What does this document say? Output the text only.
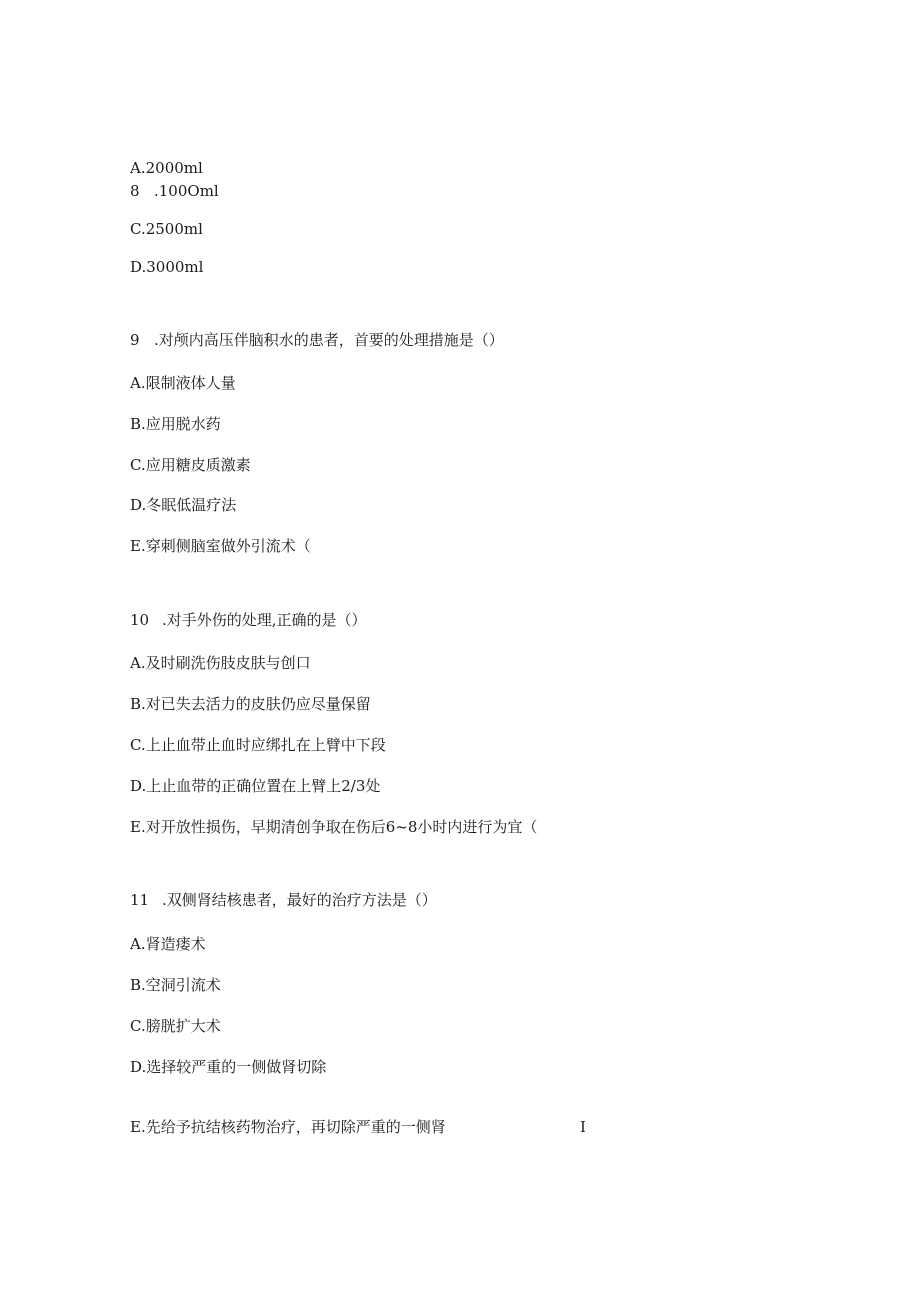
A.2000ml
8 .100Oml
C.2500ml
D.3000ml
9 .对颅内高压伴脑积水的患者，首要的处理措施是（）
A.限制液体人量
B.应用脱水药
C.应用糖皮质激素
D.冬眠低温疗法
E.穿刺侧脑室做外引流术（
10 .对手外伤的处理,正确的是（）
A.及时刷洗伤肢皮肤与创口
B.对已失去活力的皮肤仍应尽量保留
C.上止血带止血时应绑扎在上臂中下段
D.上止血带的正确位置在上臂上2/3处
E.对开放性损伤，早期清创争取在伤后6~8小时内进行为宜（
11 .双侧肾结核患者，最好的治疗方法是（）
A.肾造瘘术
B.空洞引流术
C.膀胱扩大术
D.选择较严重的一侧做肾切除
E.先给予抗结核药物治疗，再切除严重的一侧肾	I
